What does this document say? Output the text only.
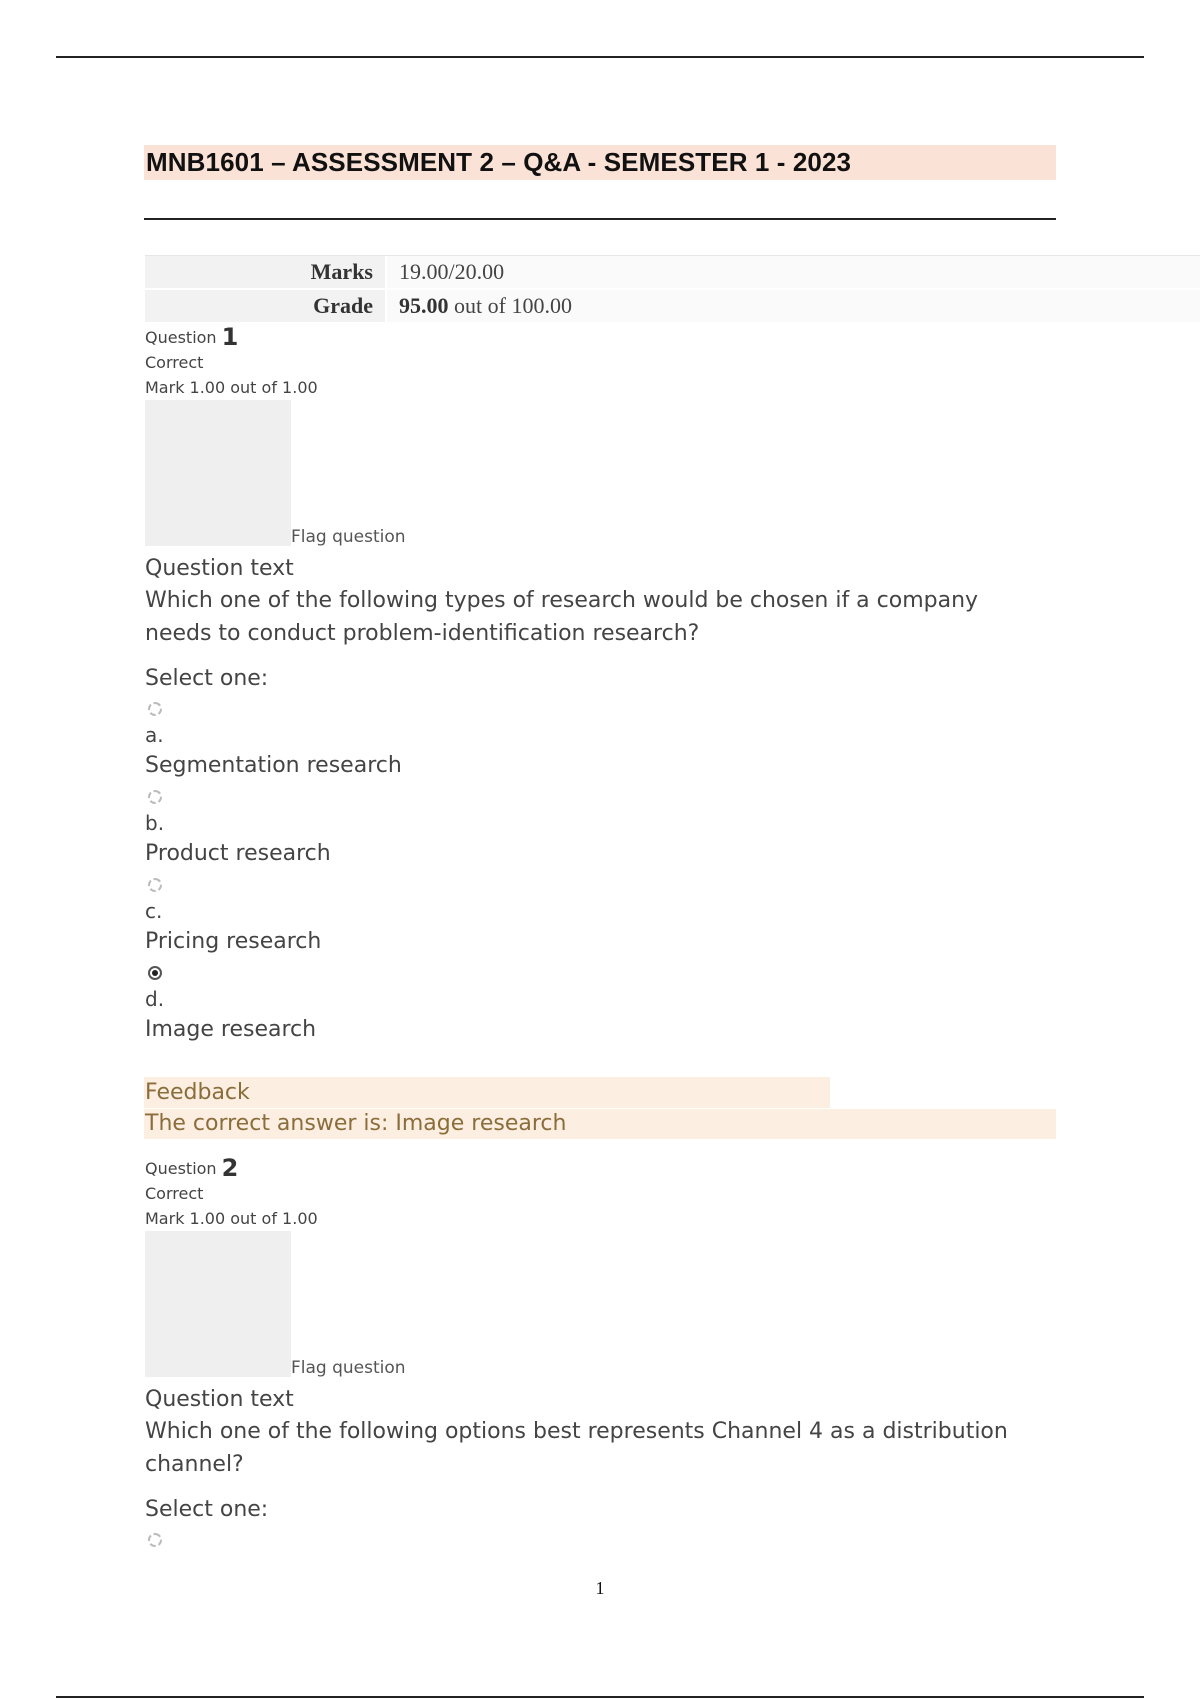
MNB1601 – ASSESSMENT 2 – Q&A - SEMESTER 1 - 2023
Marks	19.00/20.00
Grade	95.00 out of 100.00
Question 1
Correct
Mark 1.00 out of 1.00
Flag question
Question text
Which one of the following types of research would be chosen if a company needs to conduct problem-identification research?
Select one:
a.
Segmentation research
b.
Product research
c.
Pricing research
d.
Image research
Feedback
The correct answer is: Image research
Question 2
Correct
Mark 1.00 out of 1.00
Flag question
Question text
Which one of the following options best represents Channel 4 as a distribution channel?
Select one:
1
